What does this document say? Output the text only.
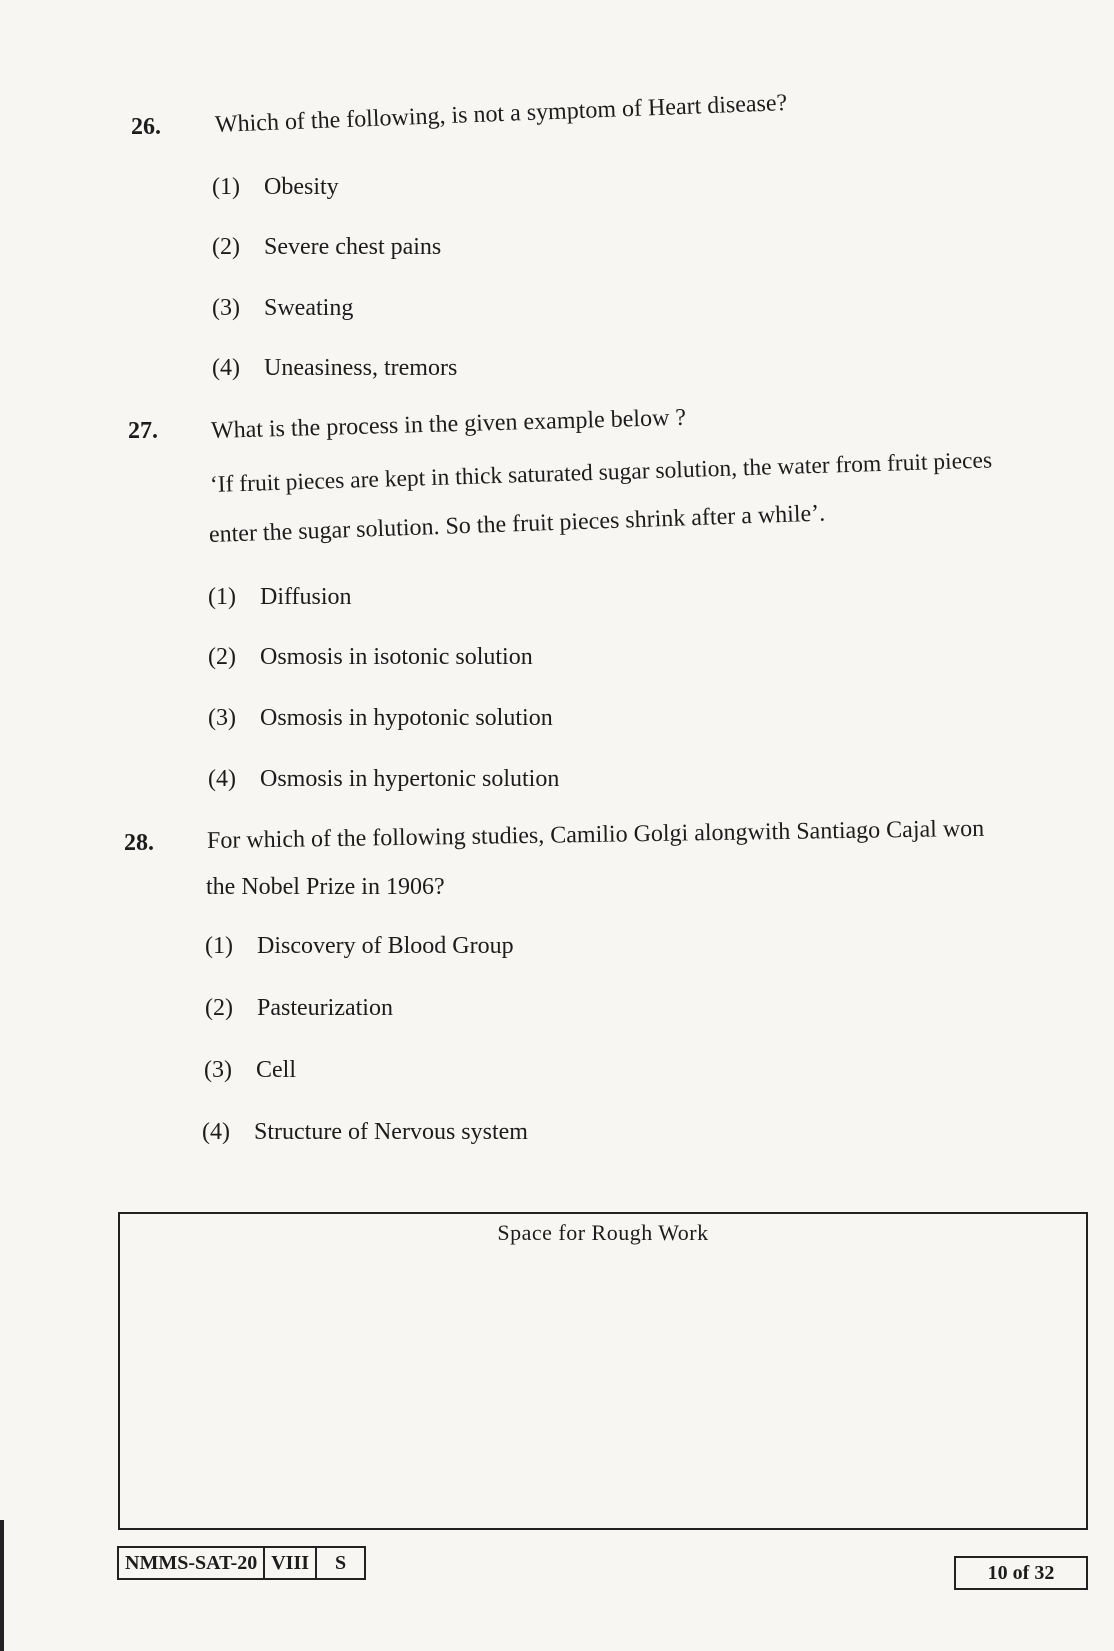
26. Which of the following, is not a symptom of Heart disease?
(1) Obesity
(2) Severe chest pains
(3) Sweating
(4) Uneasiness, tremors
27. What is the process in the given example below ?
‘If fruit pieces are kept in thick saturated sugar solution, the water from fruit pieces
enter the sugar solution. So the fruit pieces shrink after a while’.
(1) Diffusion
(2) Osmosis in isotonic solution
(3) Osmosis in hypotonic solution
(4) Osmosis in hypertonic solution
28. For which of the following studies, Camilio Golgi alongwith Santiago Cajal won
the Nobel Prize in 1906?
(1) Discovery of Blood Group
(2) Pasteurization
(3) Cell
(4) Structure of Nervous system
Space for Rough Work
NMMS-SAT-20 VIII	S	10 of 32
